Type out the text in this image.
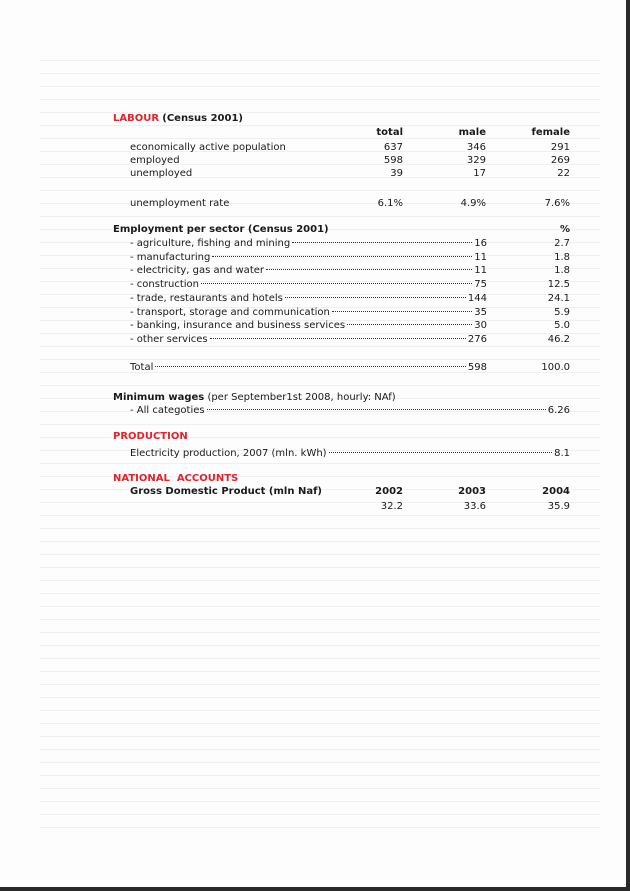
LABOUR (Census 2001)
total	male	female
economically active population	637	346	291
employed	598	329	269
unemployed	39	17	22
unemployment rate	6.1%	4.9%	7.6%
Employment per sector (Census 2001)	%
- agriculture, fishing and mining	16	2.7
- manufacturing	11	1.8
- electricity, gas and water	11	1.8
- construction	75	12.5
- trade, restaurants and hotels	144	24.1
- transport, storage and communication	35	5.9
- banking, insurance and business services	30	5.0
- other services	276	46.2
Total	598	100.0
Minimum wages (per September1st 2008, hourly: NAf)
- All categoties	6.26
PRODUCTION
Electricity production, 2007 (mln. kWh)	8.1
NATIONAL  ACCOUNTS
Gross Domestic Product (mln Naf)	2002	2003	2004
32.2	33.6	35.9
